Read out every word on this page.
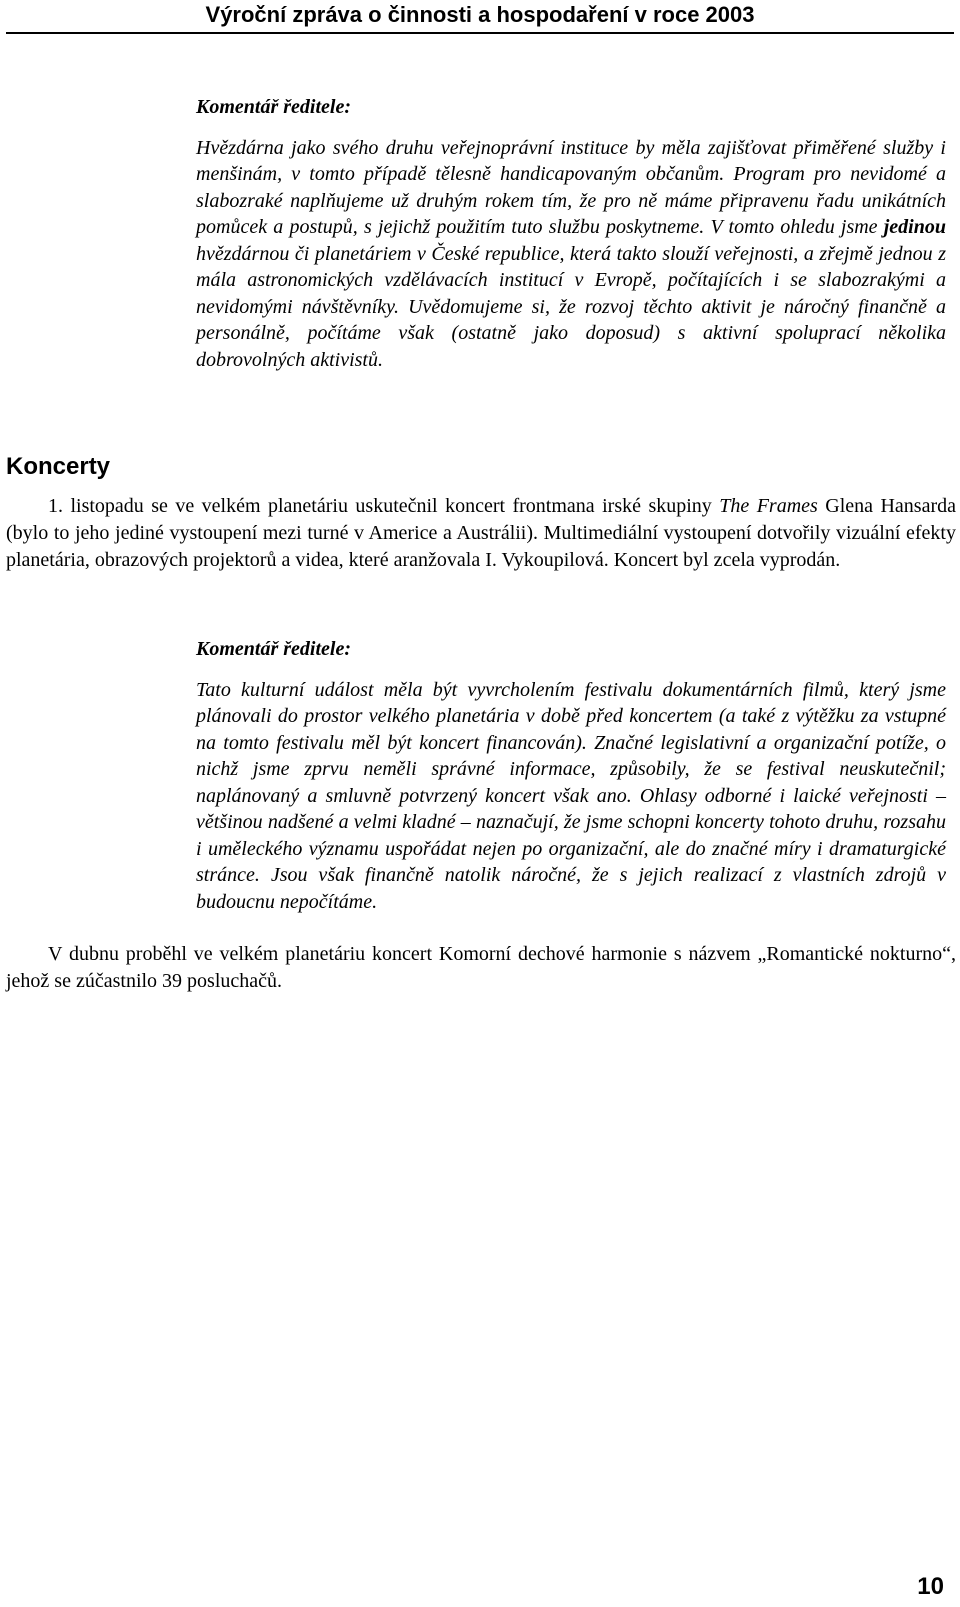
Výroční zpráva o činnosti a hospodaření v roce 2003

Komentář ředitele:

Hvězdárna jako svého druhu veřejnoprávní instituce by měla zajišťovat přiměřené služby i menšinám, v tomto případě tělesně handicapovaným občanům. Program pro nevidomé a slabozraké naplňujeme už druhým rokem tím, že pro ně máme připravenu řadu unikátních pomůcek a postupů, s jejichž použitím tuto službu poskytneme. V tomto ohledu jsme jedinou hvězdárnou či planetáriem v České republice, která takto slouží veřejnosti, a zřejmě jednou z mála astronomických vzdělávacích institucí v Evropě, počítajících i se slabozrakými a nevidomými návštěvníky. Uvědomujeme si, že rozvoj těchto aktivit je náročný finančně a personálně, počítáme však (ostatně jako doposud) s aktivní spoluprací několika dobrovolných aktivistů.

Koncerty

1. listopadu se ve velkém planetáriu uskutečnil koncert frontmana irské skupiny The Frames Glena Hansarda (bylo to jeho jediné vystoupení mezi turné v Americe a Austrálii). Multimediální vystoupení dotvořily vizuální efekty planetária, obrazových projektorů a videa, které aranžovala I. Vykoupilová. Koncert byl zcela vyprodán.

Komentář ředitele:

Tato kulturní událost měla být vyvrcholením festivalu dokumentárních filmů, který jsme plánovali do prostor velkého planetária v době před koncertem (a také z výtěžku za vstupné na tomto festivalu měl být koncert financován). Značné legislativní a organizační potíže, o nichž jsme zprvu neměli správné informace, způsobily, že se festival neuskutečnil; naplánovaný a smluvně potvrzený koncert však ano. Ohlasy odborné i laické veřejnosti – většinou nadšené a velmi kladné – naznačují, že jsme schopni koncerty tohoto druhu, rozsahu i uměleckého významu uspořádat nejen po organizační, ale do značné míry i dramaturgické stránce. Jsou však finančně natolik náročné, že s jejich realizací z vlastních zdrojů v budoucnu nepočítáme.

V dubnu proběhl ve velkém planetáriu koncert Komorní dechové harmonie s názvem „Romantické nokturno“, jehož se zúčastnilo 39 posluchačů.

10
